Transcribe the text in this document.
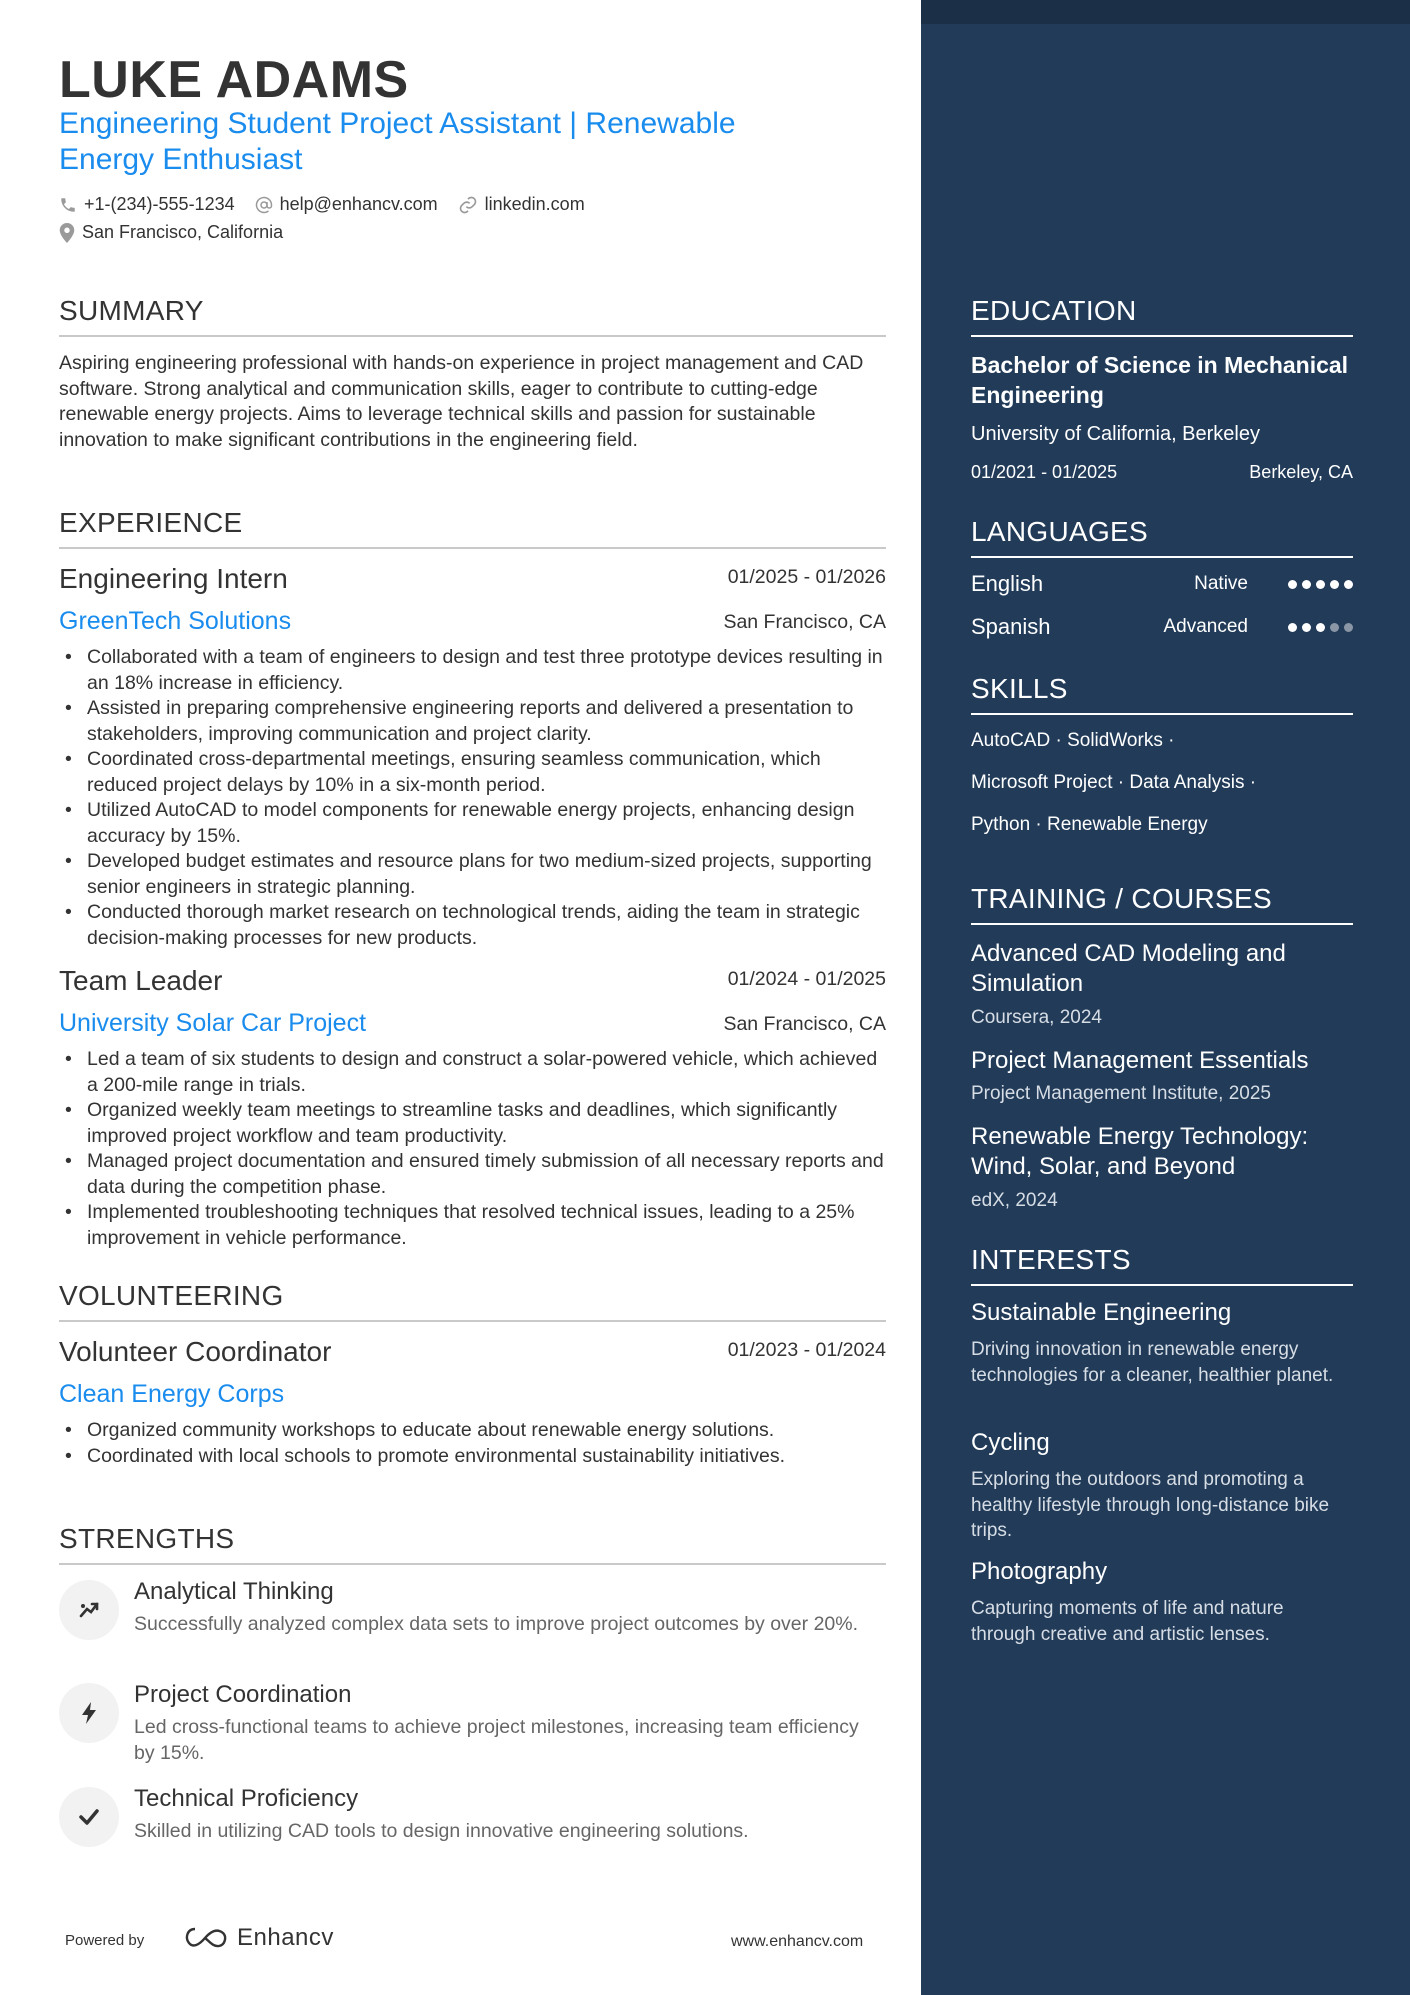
LUKE ADAMS
Engineering Student Project Assistant | Renewable Energy Enthusiast
+1-(234)-555-1234	help@enhancv.com	linkedin.com
San Francisco, California
SUMMARY
Aspiring engineering professional with hands-on experience in project management and CAD software. Strong analytical and communication skills, eager to contribute to cutting-edge renewable energy projects. Aims to leverage technical skills and passion for sustainable innovation to make significant contributions in the engineering field.
EXPERIENCE
Engineering Intern	01/2025 - 01/2026
GreenTech Solutions	San Francisco, CA
• Collaborated with a team of engineers to design and test three prototype devices resulting in an 18% increase in efficiency.
• Assisted in preparing comprehensive engineering reports and delivered a presentation to stakeholders, improving communication and project clarity.
• Coordinated cross-departmental meetings, ensuring seamless communication, which reduced project delays by 10% in a six-month period.
• Utilized AutoCAD to model components for renewable energy projects, enhancing design accuracy by 15%.
• Developed budget estimates and resource plans for two medium-sized projects, supporting senior engineers in strategic planning.
• Conducted thorough market research on technological trends, aiding the team in strategic decision-making processes for new products.
Team Leader	01/2024 - 01/2025
University Solar Car Project	San Francisco, CA
• Led a team of six students to design and construct a solar-powered vehicle, which achieved a 200-mile range in trials.
• Organized weekly team meetings to streamline tasks and deadlines, which significantly improved project workflow and team productivity.
• Managed project documentation and ensured timely submission of all necessary reports and data during the competition phase.
• Implemented troubleshooting techniques that resolved technical issues, leading to a 25% improvement in vehicle performance.
VOLUNTEERING
Volunteer Coordinator	01/2023 - 01/2024
Clean Energy Corps
• Organized community workshops to educate about renewable energy solutions.
• Coordinated with local schools to promote environmental sustainability initiatives.
STRENGTHS
Analytical Thinking
Successfully analyzed complex data sets to improve project outcomes by over 20%.
Project Coordination
Led cross-functional teams to achieve project milestones, increasing team efficiency by 15%.
Technical Proficiency
Skilled in utilizing CAD tools to design innovative engineering solutions.
Powered by	Enhancv	www.enhancv.com
EDUCATION
Bachelor of Science in Mechanical Engineering
University of California, Berkeley
01/2021 - 01/2025	Berkeley, CA
LANGUAGES
English	Native
Spanish	Advanced
SKILLS
AutoCAD · SolidWorks ·
Microsoft Project · Data Analysis ·
Python · Renewable Energy
TRAINING / COURSES
Advanced CAD Modeling and Simulation
Coursera, 2024
Project Management Essentials
Project Management Institute, 2025
Renewable Energy Technology: Wind, Solar, and Beyond
edX, 2024
INTERESTS
Sustainable Engineering
Driving innovation in renewable energy technologies for a cleaner, healthier planet.
Cycling
Exploring the outdoors and promoting a healthy lifestyle through long-distance bike trips.
Photography
Capturing moments of life and nature through creative and artistic lenses.
